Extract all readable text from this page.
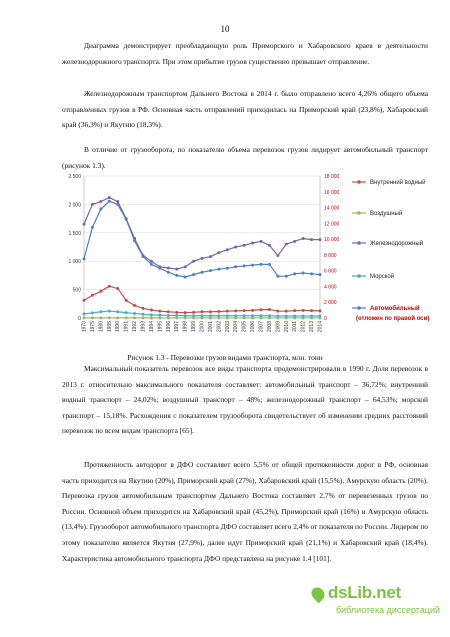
10

Диаграмма демонстрирует преобладающую роль Приморского и Хабаровского краев в деятельности железнодорожного транспорта. При этом прибытие грузов существенно превышает отправление.

Железнодорожным транспортом Дальнего Востока в 2014 г. было отправлено всего 4,26% общего объема отправленных грузов в РФ. Основная часть отправлений приходилась на Приморский край (23,8%), Хабаровский край (36,3%) и Якутию (18,3%).

В отличие от грузооборота, по показателю объема перевозок грузов лидирует автомобильный транспорт (рисунок 1.3).

0
500
1 000
1 500
2 000
2 500
0
2 000
4 000
6 000
8 000
10 000
12 000
14 000
16 000
18 000
1970 1975 1980 1985 1990 1991 1992 1993 1994 1995 1996 1997 1998 1999 2000 2001 2002 2003 2004 2005 2006 2007 2008 2009 2010 2011 2012 2013 2014
Внутренний водный
Воздушный
Железнодорожный
Морской
Автомобильный
(отложен по правой оси)
Рисунок 1.3 - Перевозки грузов видами транспорта, млн. тонн

Максимальный показатель перевозок все виды транспорта продемонстрировали в 1990 г. Доля перевозок в 2013 г. относительно максимального показателя составляет: автомобильный транспорт – 36,72%; внутренний водный транспорт – 24,02%; воздушный транспорт – 48%; железнодорожный транспорт – 64,53%; морской транспорт – 15,18%. Расхождения с показателем грузооборота свидетельствует об изменении средних расстояний перевозок по всем видам транспорта [65].

Протяженность автодорог в ДФО составляет всего 5,5% от общей протяженности дорог в РФ, основная часть приходится на Якутию (20%), Приморский край (27%), Хабаровский край (15,5%), Амурскую область (20%). Перевозка грузов автомобильным транспортом Дальнего Востока составляет 2,7% от перевезенных грузов по России. Основной объем приходится на Хабаровский край (45,2%), Приморский край (16%) и Амурскую область (13,4%). Грузооборот автомобильного транспорта ДФО составляет всего 2,4% от показателя по России. Лидером по этому показателю является Якутия (27,9%), далее идут Приморский край (21,1%) и Хабаровский край (18,4%). Характеристика автомобильного транспорта ДФО представлена на рисунке 1.4 [101].

dsLib.net
библиотека диссертаций
